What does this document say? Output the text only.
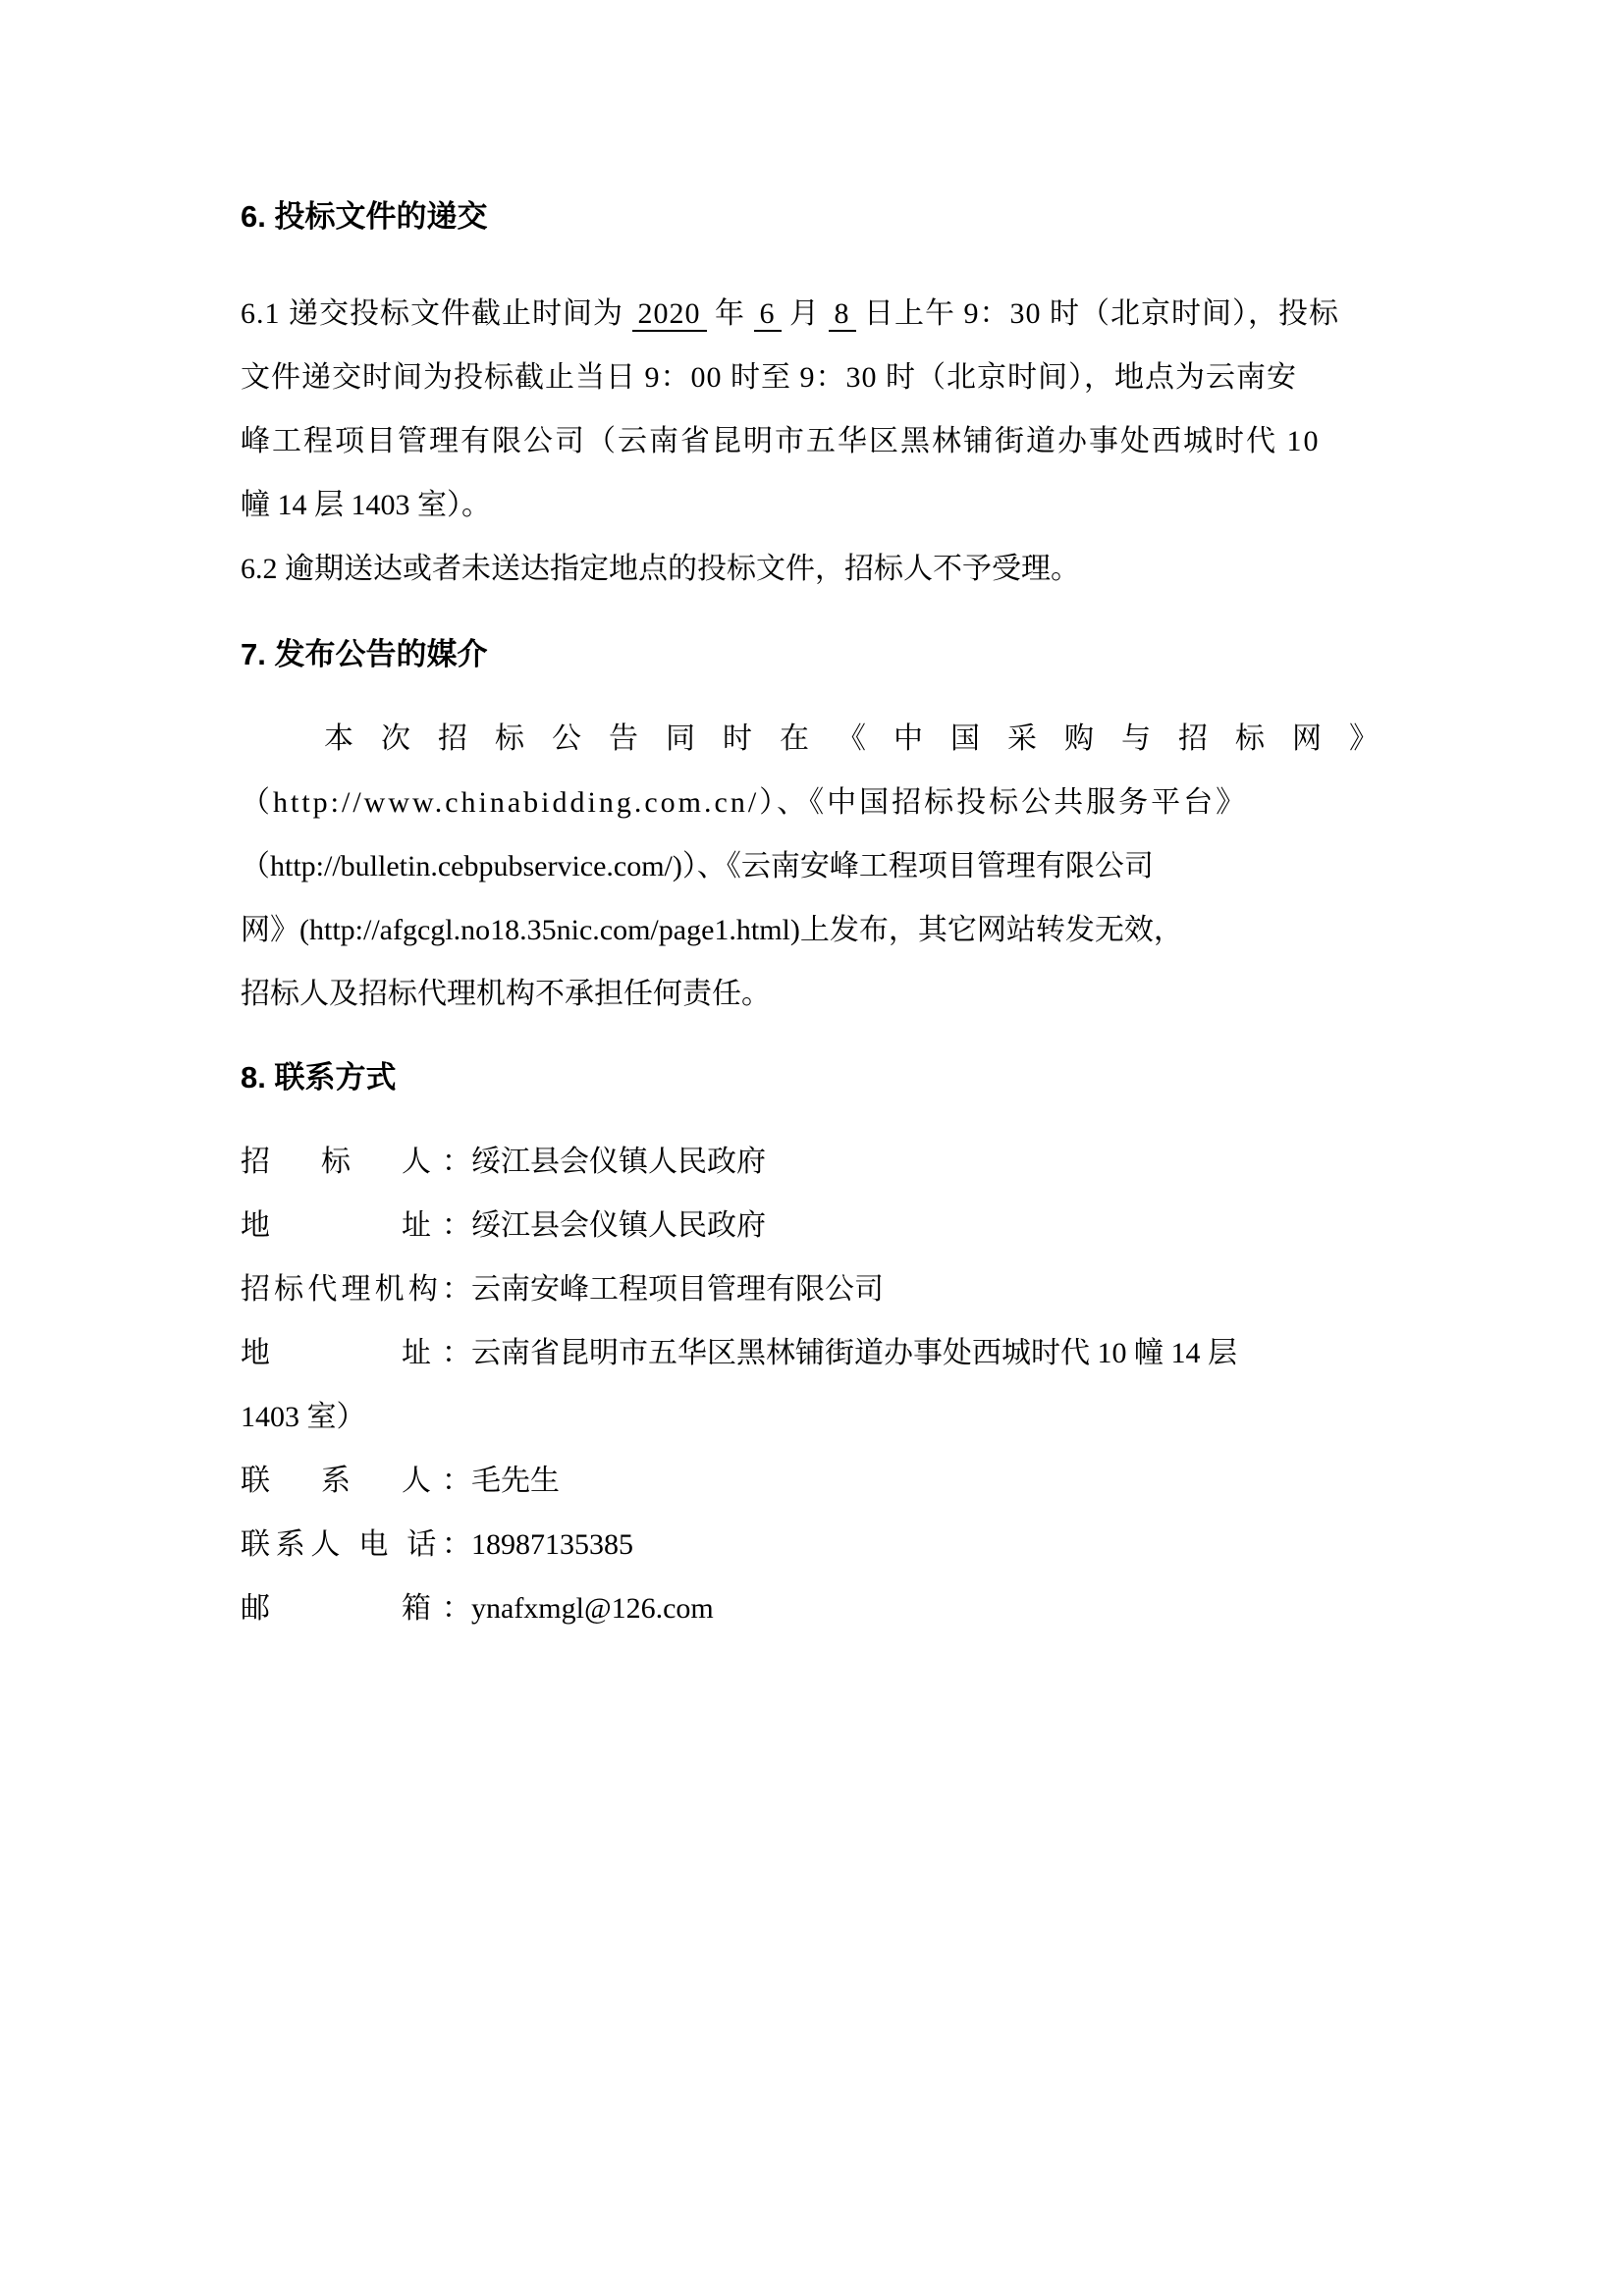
6. 投标文件的递交
6.1 递交投标文件截止时间为 2020 年 6 月 8 日上午 9：30 时（北京时间），投标
文件递交时间为投标截止当日 9：00 时至 9：30 时（北京时间），地点为云南安
峰工程项目管理有限公司（云南省昆明市五华区黑林铺街道办事处西城时代 10
幢 14 层 1403 室）。
6.2 逾期送达或者未送达指定地点的投标文件，招标人不予受理。
7. 发布公告的媒介
本次招标公告同时在《中国采购与招标网》
（http://www.chinabidding.com.cn/）、《中国招标投标公共服务平台》
（http://bulletin.cebpubservice.com/)）、《云南安峰工程项目管理有限公司
网》(http://afgcgl.no18.35nic.com/page1.html)上发布，其它网站转发无效，
招标人及招标代理机构不承担任何责任。
8. 联系方式
招　标　人：绥江县会仪镇人民政府
地　　　址：绥江县会仪镇人民政府
招标代理机构：云南安峰工程项目管理有限公司
地　　　址：云南省昆明市五华区黑林铺街道办事处西城时代 10 幢 14 层
1403 室）
联　系　人：毛先生
联系人 电 话：18987135385
邮　　　箱：ynafxmgl@126.com
